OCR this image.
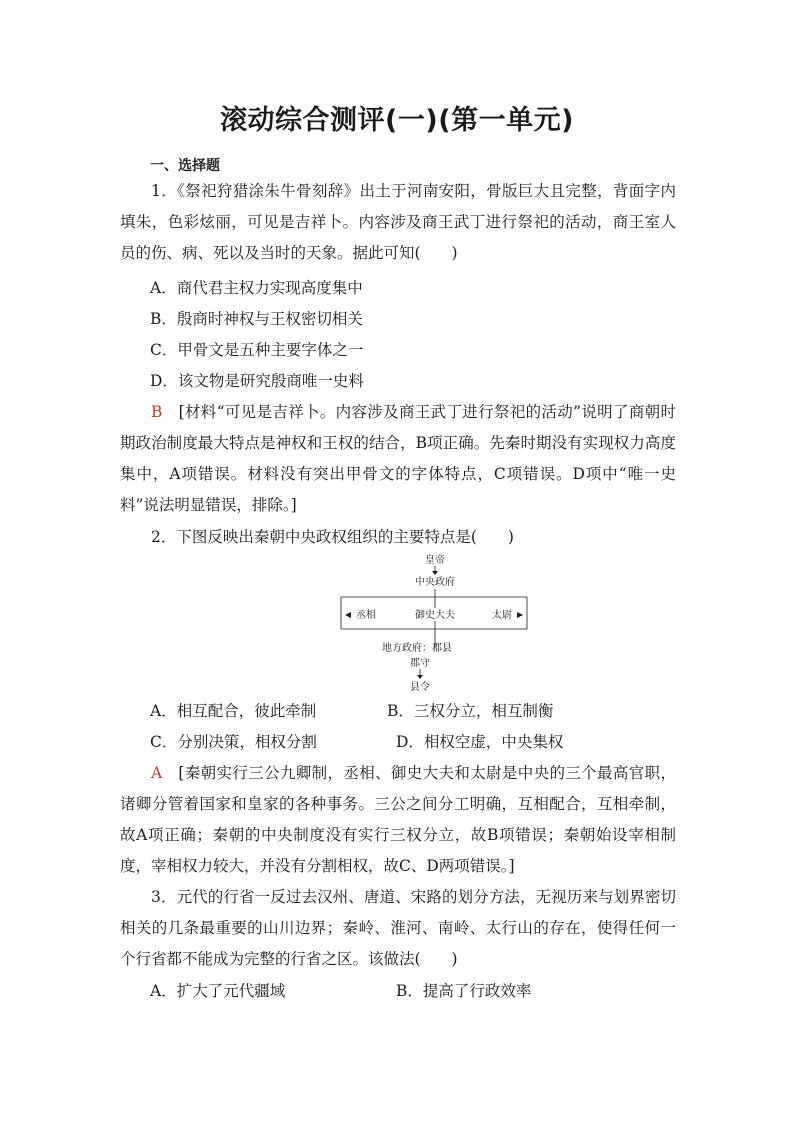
滚动综合测评(一)(第一单元)
一、选择题

1．《祭祀狩猎涂朱牛骨刻辞》出土于河南安阳，骨版巨大且完整，背面字内填朱，色彩炫丽，可见是吉祥卜。内容涉及商王武丁进行祭祀的活动，商王室人员的伤、病、死以及当时的天象。据此可知(　　)

A．商代君主权力实现高度集中
B．殷商时神权与王权密切相关
C．甲骨文是五种主要字体之一
D．该文物是研究殷商唯一史料

B　 [材料“可见是吉祥卜。内容涉及商王武丁进行祭祀的活动”说明了商朝时期政治制度最大特点是神权和王权的结合，B项正确。先秦时期没有实现权力高度集中，A项错误。材料没有突出甲骨文的字体特点，C项错误。D项中“唯一史料”说法明显错误，排除。]

2．下图反映出秦朝中央政权组织的主要特点是(　　)

皇帝
中央政府
丞相	御史大夫	太尉
地方政府：郡县
郡守
县令
A．相互配合，彼此牵制	B．三权分立，相互制衡
C．分别决策，相权分割	D．相权空虚，中央集权

A　 [秦朝实行三公九卿制，丞相、御史大夫和太尉是中央的三个最高官职，诸卿分管着国家和皇家的各种事务。三公之间分工明确，互相配合，互相牵制，故A项正确；秦朝的中央制度没有实行三权分立，故B项错误；秦朝始设宰相制度，宰相权力较大，并没有分割相权，故C、D两项错误。]

3．元代的行省一反过去汉州、唐道、宋路的划分方法，无视历来与划界密切相关的几条最重要的山川边界；秦岭、淮河、南岭、太行山的存在，使得任何一个行省都不能成为完整的行省之区。该做法(　　)

A．扩大了元代疆域	B．提高了行政效率
